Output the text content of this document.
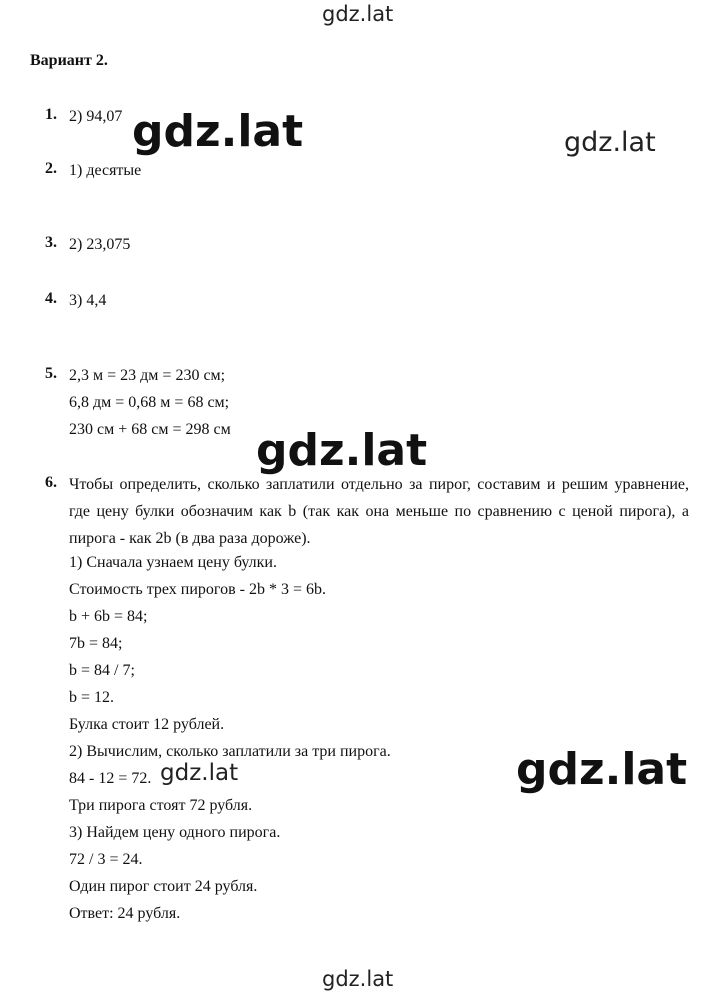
gdz.lat
Вариант 2.
1. 2) 94,07
2. 1) десятые
3. 2) 23,075
4. 3) 4,4
5. 2,3 м = 23 дм = 230 см;
6,8 дм = 0,68 м = 68 см;
230 см + 68 см = 298 см
6. Чтобы определить, сколько заплатили отдельно за пирог, составим и решим уравнение, где цену булки обозначим как b (так как она меньше по сравнению с ценой пирога), а пирога - как 2b (в два раза дороже).
1) Сначала узнаем цену булки.
Стоимость трех пирогов - 2b * 3 = 6b.
b + 6b = 84;
7b = 84;
b = 84 / 7;
b = 12.
Булка стоит 12 рублей.
2) Вычислим, сколько заплатили за три пирога.
84 - 12 = 72.
Три пирога стоят 72 рубля.
3) Найдем цену одного пирога.
72 / 3 = 24.
Один пирог стоит 24 рубля.
Ответ: 24 рубля.
gdz.lat	gdz.lat
gdz.lat
gdz.lat	gdz.lat
gdz.lat
